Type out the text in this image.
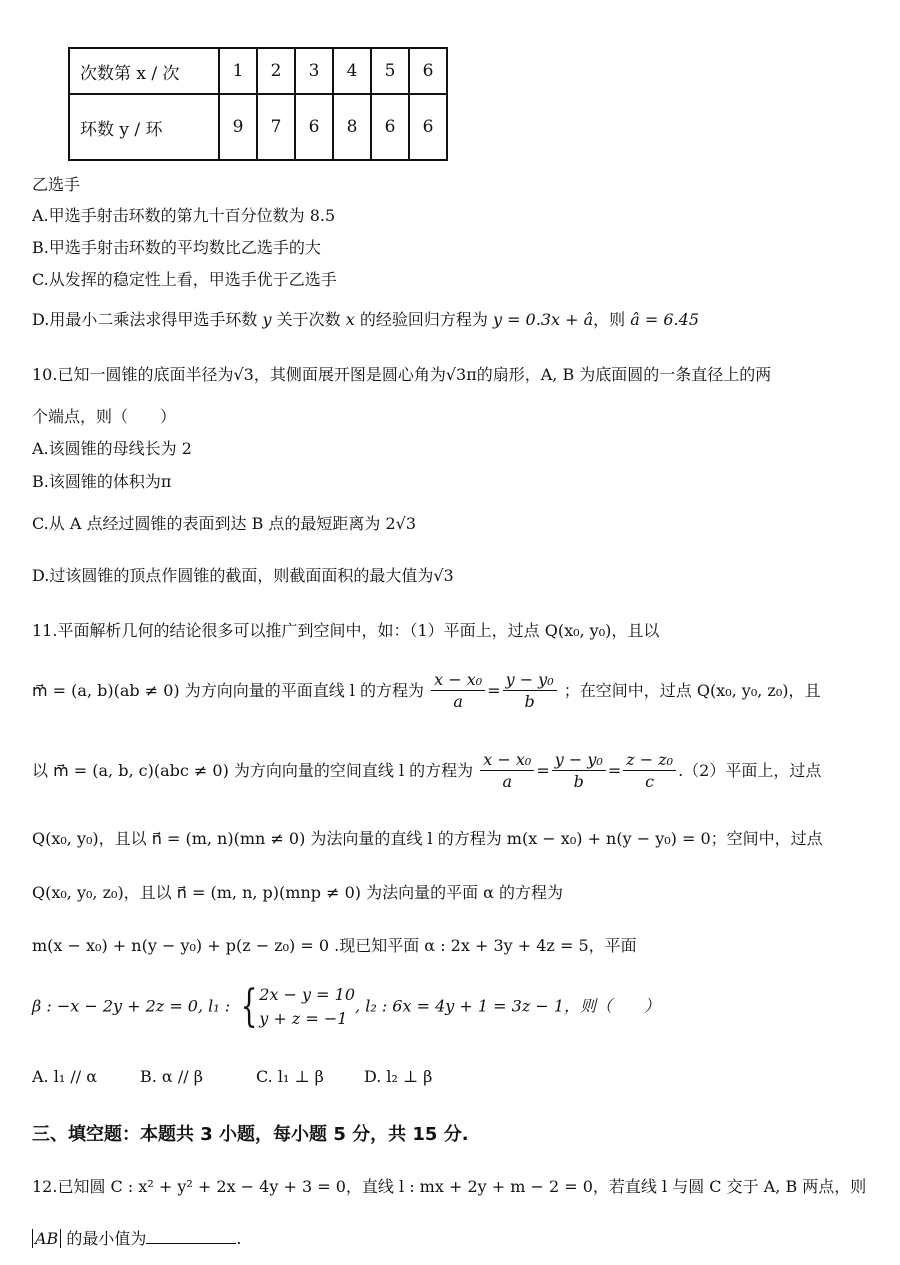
次数第 x / 次	1	2	3	4	5	6
环数 y / 环	9	7	6	8	6	6
乙选手
A.甲选手射击环数的第九十百分位数为 8.5
B.甲选手射击环数的平均数比乙选手的大
C.从发挥的稳定性上看，甲选手优于乙选手
D.用最小二乘法求得甲选手环数 y 关于次数 x 的经验回归方程为 y = 0.3x + â，则 â = 6.45
10.已知一圆锥的底面半径为√3，其侧面展开图是圆心角为√3π的扇形，A, B 为底面圆的一条直径上的两
个端点，则（　　）
A.该圆锥的母线长为 2
B.该圆锥的体积为π
C.从 A 点经过圆锥的表面到达 B 点的最短距离为 2√3
D.过该圆锥的顶点作圆锥的截面，则截面面积的最大值为√3
11.平面解析几何的结论很多可以推广到空间中，如：（1）平面上，过点 Q(x₀, y₀)，且以
m⃗ = (a, b)(ab ≠ 0) 为方向向量的平面直线 l 的方程为 $\frac{\text{x − x₀}}{a} = \frac{\text{y − y₀}}{b}$ ；在空间中，过点 Q(x₀, y₀, z₀)，且
以 m⃗ = (a, b, c)(abc ≠ 0) 为方向向量的空间直线 l 的方程为 $\frac{\text{x − x₀}}{a} = \frac{\text{y − y₀}}{b} = \frac{\text{z − z₀}}{c} .(2)$平面上，过点
Q(x₀, y₀)，且以 n⃗ = (m, n)(mn ≠ 0) 为法向量的直线 l 的方程为 m(x − x₀) + n(y − y₀) = 0；空间中，过点
Q(x₀, y₀, z₀)，且以 n⃗ = (m, n, p)(mnp ≠ 0) 为法向量的平面 α 的方程为
m(x − x₀) + n(y − y₀) + p(z − z₀) = 0 .现已知平面 α : 2x + 3y + 4z = 5，平面
β : −x − 2y + 2z = 0, l₁ : { 2x − y = 10
y + z = −1
, l₂ : 6x = 4y + 1 = 3z − 1，则（　　）
A. l₁ // α	B. α // β	C. l₁ ⊥ β	D. l₂ ⊥ β
三、填空题：本题共 3 小题，每小题 5 分，共 15 分.
12.已知圆 C : x² + y² + 2x − 4y + 3 = 0，直线 l : mx + 2y + m − 2 = 0，若直线 l 与圆 C 交于 A, B 两点，则
AB 的最小值为	.
